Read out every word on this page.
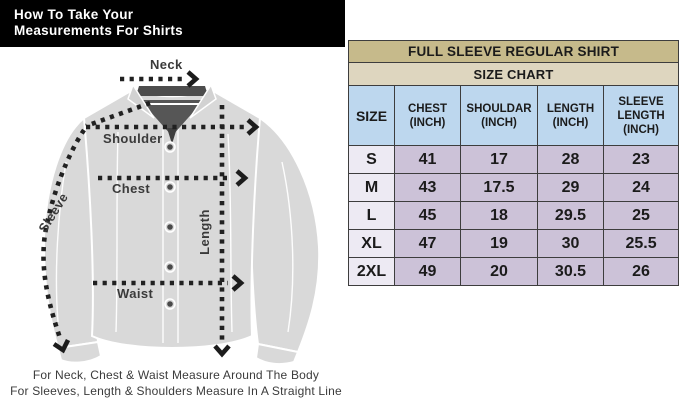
How To Take Your
Measurements For Shirts
Neck
Shoulder
Chest
Waist
Length
Sleeve
For Neck, Chest & Waist Measure Around The Body
For Sleeves, Length & Shoulders Measure In A Straight Line
FULL SLEEVE REGULAR SHIRT				
SIZE CHART				
SIZE	CHEST (INCH)	SHOULDAR (INCH)	LENGTH (INCH)	SLEEVE LENGTH (INCH)
S	41	17	28	23
M	43	17.5	29	24
L	45	18	29.5	25
XL	47	19	30	25.5
2XL	49	20	30.5	26
